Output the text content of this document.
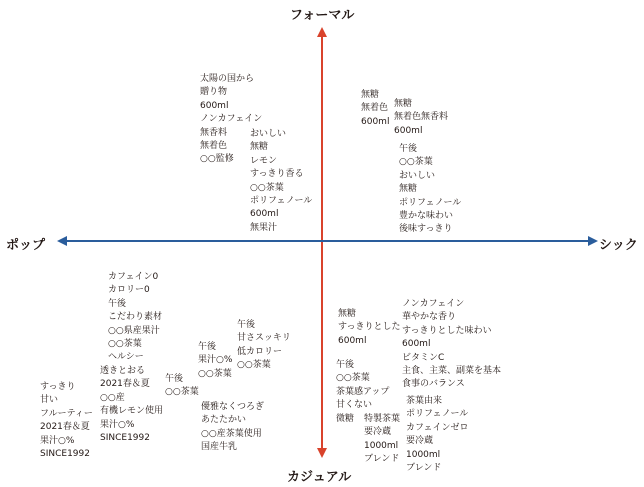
フォーマル
カジュアル
ポップ	シック
太陽の国から
贈り物
600ml
ノンカフェイン
無香料
無着色
○○監修
おいしい
無糖
レモン
すっきり香る
○○茶葉
ポリフェノール
600ml
無果汁
無糖
無着色
600ml
無糖
無着色無香料
600ml
午後
○○茶葉
おいしい
無糖
ポリフェノール
豊かな味わい
後味すっきり
カフェイン0
カロリー0
午後
こだわり素材
○○県産果汁
○○茶葉
ヘルシー
透きとおる
2021春＆夏
○○産
有機レモン使用
果汁○%
SINCE1992
すっきり
甘い
フルーティー
2021春＆夏
果汁○%
SINCE1992
午後
果汁○%
○○茶葉
午後
甘さスッキリ
低カロリー
○○茶葉
午後
○○茶葉
優雅なくつろぎ
あたたかい
○○産茶葉使用
国産牛乳
無糖
すっきりとした
600ml
ノンカフェイン
華やかな香り
すっきりとした味わい
600ml
ビタミンC
主食、主菜、副菜を基本
食事のバランス
午後
○○茶葉
茶葉感アップ
甘くない
微糖	特製茶葉
要冷蔵
1000ml
ブレンド
茶葉由来
ポリフェノール
カフェインゼロ
要冷蔵
1000ml
ブレンド
